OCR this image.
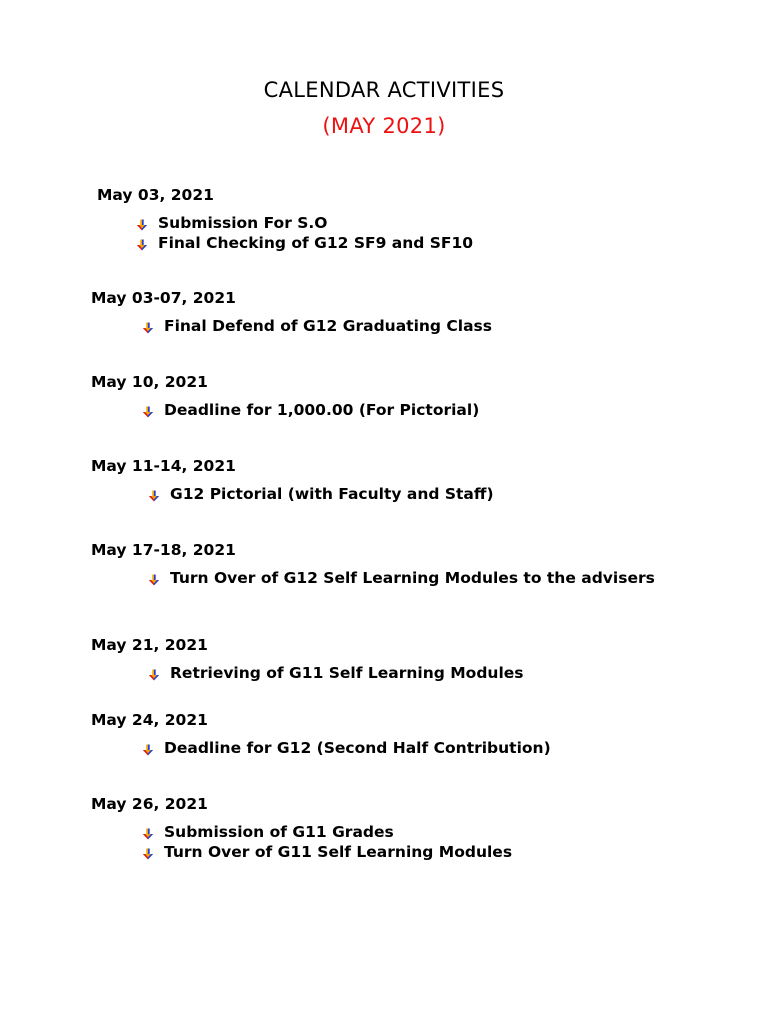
CALENDAR ACTIVITIES
(MAY 2021)

May 03, 2021

Submission For S.O
Final Checking of G12 SF9 and SF10

May 03-07, 2021

Final Defend of G12 Graduating Class

May 10, 2021

Deadline for 1,000.00 (For Pictorial)

May 11-14, 2021

G12 Pictorial (with Faculty and Staff)

May 17-18, 2021

Turn Over of G12 Self Learning Modules to the advisers

May 21, 2021

Retrieving of G11 Self Learning Modules

May 24, 2021

Deadline for G12 (Second Half Contribution)

May 26, 2021

Submission of G11 Grades
Turn Over of G11 Self Learning Modules
